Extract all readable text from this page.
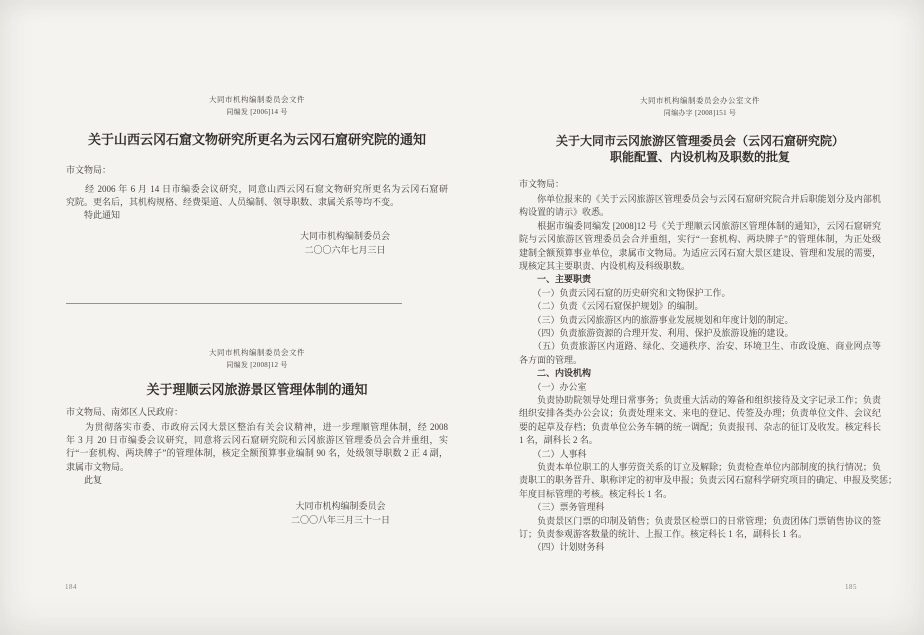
大同市机构编制委员会文件
同编发 [2006]14 号
关于山西云冈石窟文物研究所更名为云冈石窟研究院的通知
市文物局：
　　经 2006 年 6 月 14 日市编委会议研究，同意山西云冈石窟文物研究所更名为云冈石窟研
究院。更名后，其机构规格、经费渠道、人员编制、领导职数、隶属关系等均不变。
　　特此通知
大同市机构编制委员会
二〇〇六年七月三日
大同市机构编制委员会文件
同编发 [2008]12 号
关于理顺云冈旅游景区管理体制的通知
市文物局、南郊区人民政府：
　　为贯彻落实市委、市政府云冈大景区整治有关会议精神，进一步理顺管理体制，经 2008
年 3 月 20 日市编委会议研究，同意将云冈石窟研究院和云冈旅游区管理委员会合并重组，实
行“一套机构、两块牌子”的管理体制，核定全额预算事业编制 90 名，处级领导职数 2 正 4 副，
隶属市文物局。
　　此复
大同市机构编制委员会
二〇〇八年三月三十一日
大同市机构编制委员会办公室文件
同编办字 [2008]151 号
关于大同市云冈旅游区管理委员会（云冈石窟研究院）
职能配置、内设机构及职数的批复
市文物局：
　　你单位报来的《关于云冈旅游区管理委员会与云冈石窟研究院合并后职能划分及内部机
构设置的请示》收悉。
　　根据市编委同编发 [2008]12 号《关于理顺云冈旅游区管理体制的通知》，云冈石窟研究
院与云冈旅游区管理委员会合并重组，实行“一套机构、两块牌子”的管理体制，为正处级
建制全额预算事业单位，隶属市文物局。为适应云冈石窟大景区建设、管理和发展的需要，
现核定其主要职责、内设机构及科级职数。
　　一、主要职责
　　（一）负责云冈石窟的历史研究和文物保护工作。
　　（二）负责《云冈石窟保护规划》的编制。
　　（三）负责云冈旅游区内的旅游事业发展规划和年度计划的制定。
　　（四）负责旅游资源的合理开发、利用、保护及旅游设施的建设。
　　（五）负责旅游区内道路、绿化、交通秩序、治安、环境卫生、市政设施、商业网点等
各方面的管理。
　　二、内设机构
　　（一）办公室
　　负责协助院领导处理日常事务；负责重大活动的筹备和组织接待及文字记录工作；负责
组织安排各类办公会议；负责处理来文、来电的登记、传签及办理；负责单位文件、会议纪
要的起草及存档；负责单位公务车辆的统一调配；负责报刊、杂志的征订及收发。核定科长
1 名，副科长 2 名。
　　（二）人事科
　　负责本单位职工的人事劳资关系的订立及解除；负责检查单位内部制度的执行情况；负
责职工的职务晋升、职称评定的初审及申报；负责云冈石窟科学研究项目的确定、申报及奖惩；
年度目标管理的考核。核定科长 1 名。
　　（三）票务管理科
　　负责景区门票的印制及销售；负责景区检票口的日常管理；负责团体门票销售协议的签
订；负责参观游客数量的统计、上报工作。核定科长 1 名，副科长 1 名。
　　（四）计划财务科
184	185
